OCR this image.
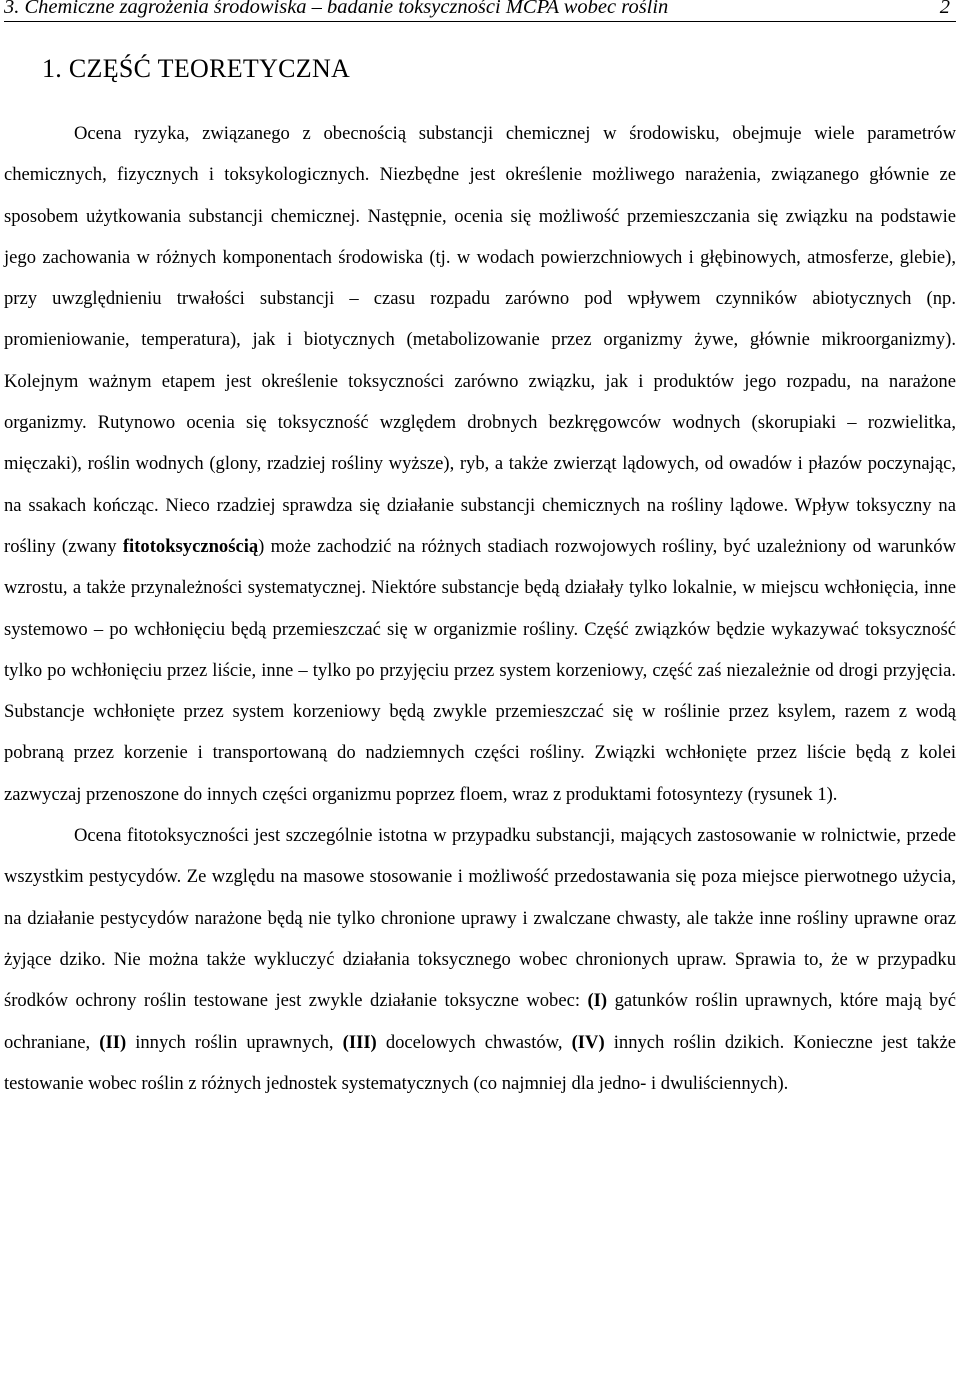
3. Chemiczne zagrożenia środowiska – badanie toksyczności MCPA wobec roślin	2
1. CZĘŚĆ TEORETYCZNA

Ocena ryzyka, związanego z obecnością substancji chemicznej w środowisku, obejmuje wiele parametrów chemicznych, fizycznych i toksykologicznych. Niezbędne jest określenie możliwego narażenia, związanego głównie ze sposobem użytkowania substancji chemicznej. Następnie, ocenia się możliwość przemieszczania się związku na podstawie jego zachowania w różnych komponentach środowiska (tj. w wodach powierzchniowych i głębinowych, atmosferze, glebie), przy uwzględnieniu trwałości substancji – czasu rozpadu zarówno pod wpływem czynników abiotycznych (np. promieniowanie, temperatura), jak i biotycznych (metabolizowanie przez organizmy żywe, głównie mikroorganizmy). Kolejnym ważnym etapem jest określenie toksyczności zarówno związku, jak i produktów jego rozpadu, na narażone organizmy. Rutynowo ocenia się toksyczność względem drobnych bezkręgowców wodnych (skorupiaki – rozwielitka, mięczaki), roślin wodnych (glony, rzadziej rośliny wyższe), ryb, a także zwierząt lądowych, od owadów i płazów poczynając, na ssakach kończąc. Nieco rzadziej sprawdza się działanie substancji chemicznych na rośliny lądowe. Wpływ toksyczny na rośliny (zwany fitotoksycznością) może zachodzić na różnych stadiach rozwojowych rośliny, być uzależniony od warunków wzrostu, a także przynależności systematycznej. Niektóre substancje będą działały tylko lokalnie, w miejscu wchłonięcia, inne systemowo – po wchłonięciu będą przemieszczać się w organizmie rośliny. Część związków będzie wykazywać toksyczność tylko po wchłonięciu przez liście, inne – tylko po przyjęciu przez system korzeniowy, część zaś niezależnie od drogi przyjęcia. Substancje wchłonięte przez system korzeniowy będą zwykle przemieszczać się w roślinie przez ksylem, razem z wodą pobraną przez korzenie i transportowaną do nadziemnych części rośliny. Związki wchłonięte przez liście będą z kolei zazwyczaj przenoszone do innych części organizmu poprzez floem, wraz z produktami fotosyntezy (rysunek 1).

Ocena fitotoksyczności jest szczególnie istotna w przypadku substancji, mających zastosowanie w rolnictwie, przede wszystkim pestycydów. Ze względu na masowe stosowanie i możliwość przedostawania się poza miejsce pierwotnego użycia, na działanie pestycydów narażone będą nie tylko chronione uprawy i zwalczane chwasty, ale także inne rośliny uprawne oraz żyjące dziko. Nie można także wykluczyć działania toksycznego wobec chronionych upraw. Sprawia to, że w przypadku środków ochrony roślin testowane jest zwykle działanie toksyczne wobec: (I) gatunków roślin uprawnych, które mają być ochraniane, (II) innych roślin uprawnych, (III) docelowych chwastów, (IV) innych roślin dzikich. Konieczne jest także testowanie wobec roślin z różnych jednostek systematycznych (co najmniej dla jedno- i dwuliściennych).
